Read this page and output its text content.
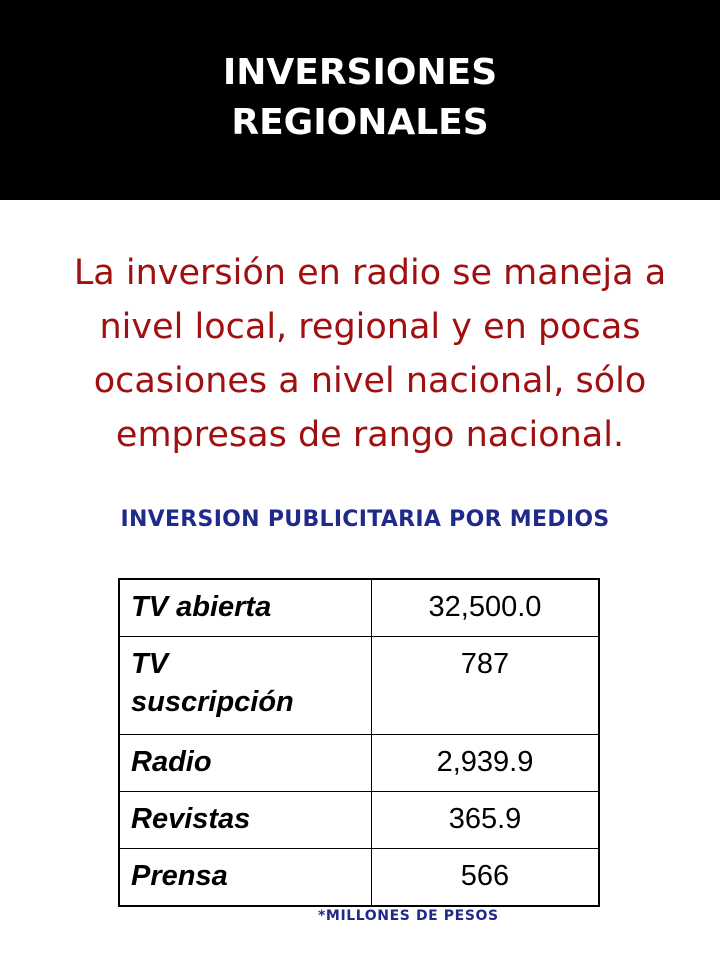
INVERSIONES
REGIONALES
La inversión en radio se maneja a
nivel local, regional y en pocas
ocasiones a nivel nacional, sólo
empresas de rango nacional.
INVERSION PUBLICITARIA POR MEDIOS
TV abierta	32,500.0
TV
suscripción	787
Radio	2,939.9
Revistas	365.9
Prensa	566
*MILLONES DE PESOS
